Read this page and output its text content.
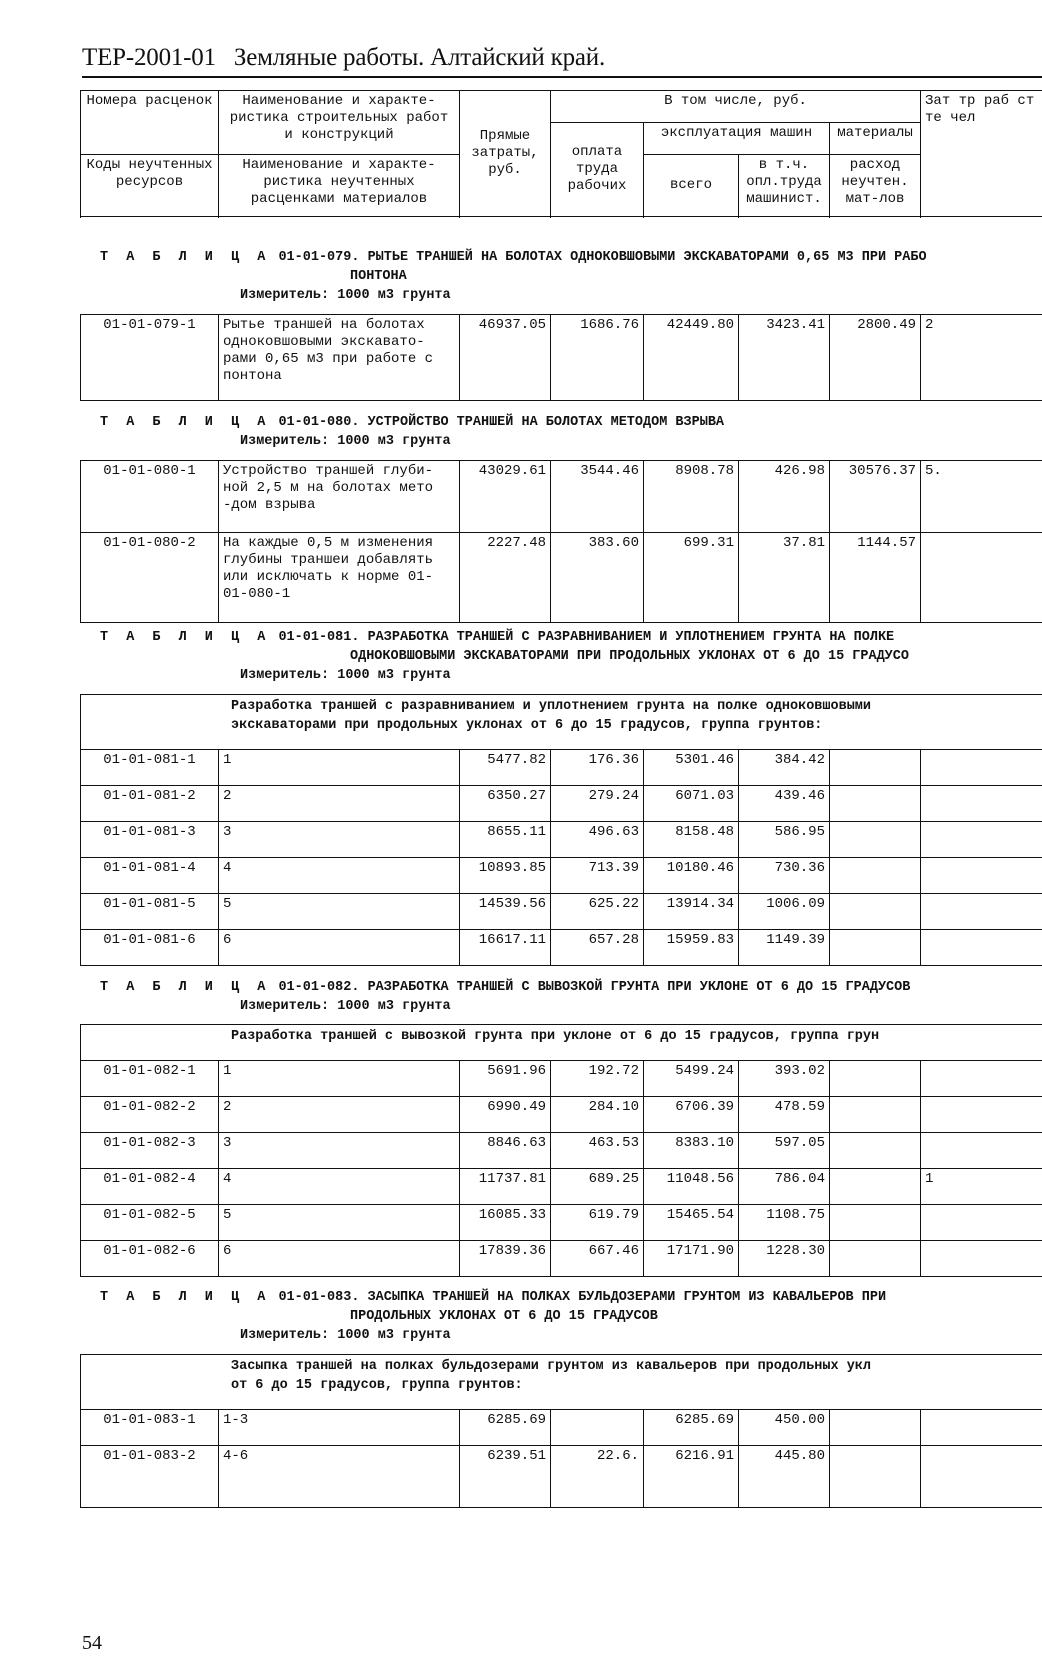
ТЕР-2001-01 Земляные работы. Алтайский край.
Номера расценок	Наименование и характе-ристика строительных работ и конструкций	Прямые затраты, руб.	В том числе, руб.				Зат тр раб ст те чел
			оплата труда рабочих	эксплуатация машин		материалы	
Коды неучтенных ресурсов	Наименование и характе-ристика неучтенных расценками материалов			всего	в т.ч. опл.труда машинист.	расход неучтен. мат-лов	

Т А Б Л И Ц А 01-01-079. РЫТЬЕ ТРАНШЕЙ НА БОЛОТАХ ОДНОКОВШОВЫМИ ЭКСКАВАТОРАМИ 0,65 М3 ПРИ РАБО
ПОНТОНА
Измеритель: 1000 м3 грунта
01-01-079-1	Рытье траншей на болотах одноковшовыми экскавато-рами 0,65 м3 при работе с понтона	46937.05	1686.76	42449.80	3423.41	2800.49	2
Т А Б Л И Ц А 01-01-080. УСТРОЙСТВО ТРАНШЕЙ НА БОЛОТАХ МЕТОДОМ ВЗРЫВА
Измеритель: 1000 м3 грунта
01-01-080-1	Устройство траншей глуби-ной 2,5 м на болотах мето -дом взрыва	43029.61	3544.46	8908.78	426.98	30576.37	5.
01-01-080-2	На каждые 0,5 м изменения глубины траншеи добавлять или исключать к норме 01-01-080-1	2227.48	383.60	699.31	37.81	1144.57	
Т А Б Л И Ц А 01-01-081. РАЗРАБОТКА ТРАНШЕЙ С РАЗРАВНИВАНИЕМ И УПЛОТНЕНИЕМ ГРУНТА НА ПОЛКЕ
ОДНОКОВШОВЫМИ ЭКСКАВАТОРАМИ ПРИ ПРОДОЛЬНЫХ УКЛОНАХ ОТ 6 ДО 15 ГРАДУСО
Измеритель: 1000 м3 грунта
Разработка траншей с разравниванием и уплотнением грунта на полке одноковшовыми
экскаваторами при продольных уклонах от 6 до 15 градусов, группа грунтов:							

01-01-081-1	1	5477.82	176.36	5301.46	384.42		
01-01-081-2	2	6350.27	279.24	6071.03	439.46		
01-01-081-3	3	8655.11	496.63	8158.48	586.95		
01-01-081-4	4	10893.85	713.39	10180.46	730.36		
01-01-081-5	5	14539.56	625.22	13914.34	1006.09		
01-01-081-6	6	16617.11	657.28	15959.83	1149.39		
Т А Б Л И Ц А 01-01-082. РАЗРАБОТКА ТРАНШЕЙ С ВЫВОЗКОЙ ГРУНТА ПРИ УКЛОНЕ ОТ 6 ДО 15 ГРАДУСОВ
Измеритель: 1000 м3 грунта
Разработка траншей с вывозкой грунта при уклоне от 6 до 15 градусов, группа грун							

01-01-082-1	1	5691.96	192.72	5499.24	393.02		
01-01-082-2	2	6990.49	284.10	6706.39	478.59		
01-01-082-3	3	8846.63	463.53	8383.10	597.05		
01-01-082-4	4	11737.81	689.25	11048.56	786.04		1
01-01-082-5	5	16085.33	619.79	15465.54	1108.75		
01-01-082-6	6	17839.36	667.46	17171.90	1228.30		
Т А Б Л И Ц А 01-01-083. ЗАСЫПКА ТРАНШЕЙ НА ПОЛКАХ БУЛЬДОЗЕРАМИ ГРУНТОМ ИЗ КАВАЛЬЕРОВ ПРИ
ПРОДОЛЬНЫХ УКЛОНАХ ОТ 6 ДО 15 ГРАДУСОВ
Измеритель: 1000 м3 грунта
Засыпка траншей на полках бульдозерами грунтом из кавальеров при продольных укл
от 6 до 15 градусов, группа грунтов:							

01-01-083-1	1-3	6285.69		6285.69	450.00		
01-01-083-2	4-6	6239.51	22.6.	6216.91	445.80		
54
